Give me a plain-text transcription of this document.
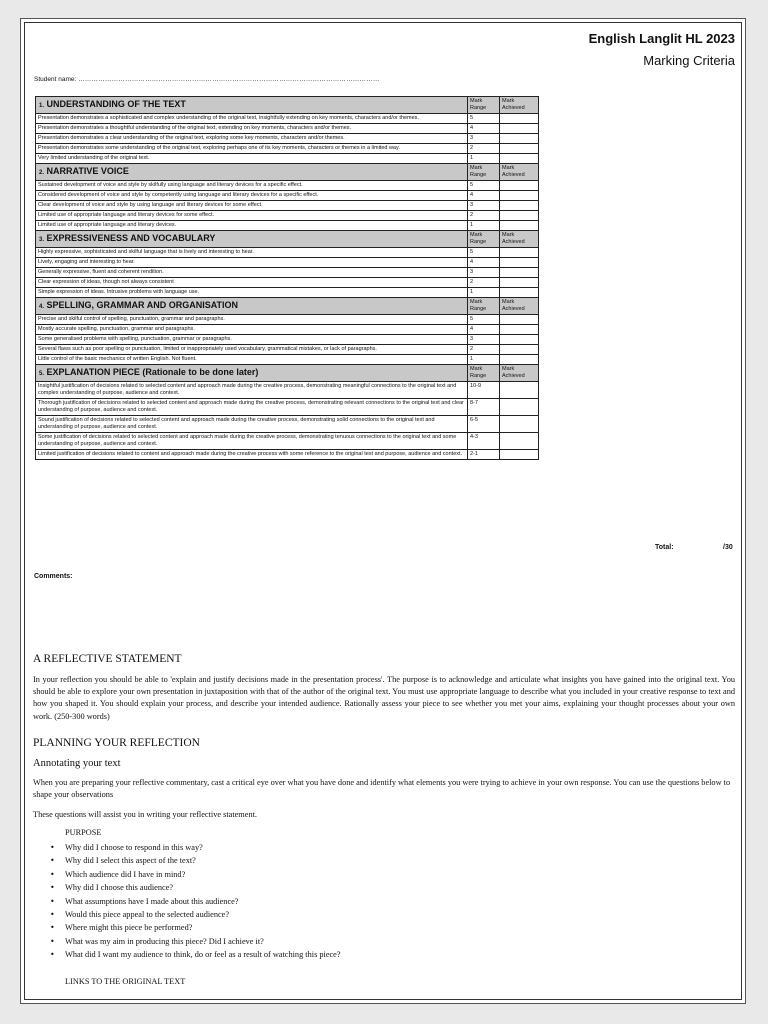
English Langlit HL 2023
Marking Criteria
Student name: ………………………………………………………………………………………………………………………
1. UNDERSTANDING OF THE TEXT	Mark Range	Mark Achieved
Presentation demonstrates a sophisticated and complex understanding of the original text, insightfully extending on key moments, characters and/or themes.	5	
Presentation demonstrates a thoughtful understanding of the original text, extending on key moments, characters and/or themes.	4	
Presentation demonstrates a clear understanding of the original text, exploring some key moments, characters and/or themes.	3	
Presentation demonstrates some understanding of the original text, exploring perhaps one of its key moments, characters or themes in a limited way.	2	
Very limited understanding of the original text.	1	
2. NARRATIVE VOICE	Mark Range	Mark Achieved
Sustained development of voice and style by skilfully using language and literary devices for a specific effect.	5	
Considered development of voice and style by competently using language and literary devices for a specific effect.	4	
Clear development of voice and style by using language and literary devices for some effect.	3	
Limited use of appropriate language and literary devices for some effect.	2	
Limited use of appropriate language and literary devices.	1	
3. EXPRESSIVENESS AND VOCABULARY	Mark Range	Mark Achieved
Highly expressive, sophisticated and skilful language that is lively and interesting to hear.	5	
Lively, engaging and interesting to hear.	4	
Generally expressive, fluent and coherent rendition.	3	
Clear expression of ideas, though not always consistent	2	
Simple expression of ideas. Intrusive problems with language use.	1	
4. SPELLING, GRAMMAR AND ORGANISATION	Mark Range	Mark Achieved
Precise and skilful control of spelling, punctuation, grammar and paragraphs.	5	
Mostly accurate spelling, punctuation, grammar and paragraphs.	4	
Some generalised problems with spelling, punctuation, grammar or paragraphs.	3	
Several flaws such as poor spelling or punctuation, limited or inappropriately used vocabulary, grammatical mistakes, or lack of paragraphs.	2	
Little control of the basic mechanics of written English. Not fluent.	1	
5. EXPLANATION PIECE (Rationale to be done later)	Mark Range	Mark Achieved
Insightful justification of decisions related to selected content and approach made during the creative process, demonstrating meaningful connections to the original text and complex understanding of purpose, audience and context.	10-9	
Thorough justification of decisions related to selected content and approach made during the creative process, demonstrating relevant connections to the original text and clear understanding of purpose, audience and context.	8-7	
Sound justification of decisions related to selected content and approach made during the creative process, demonstrating solid connections to the original text and understanding of purpose, audience and context.	6-5	
Some justification of decisions related to selected content and approach made during the creative process, demonstrating tenuous connections to the original text and some understanding of purpose, audience and context.	4-3	
Limited justification of decisions related to content and approach made during the creative process with some reference to the original text and purpose, audience and context.	2-1	
Total:	/30
Comments:
A REFLECTIVE STATEMENT
In your reflection you should be able to 'explain and justify decisions made in the presentation process'. The purpose is to acknowledge and articulate what insights you have gained into the original text. You should be able to explore your own presentation in juxtaposition with that of the author of the original text. You must use appropriate language to describe what you included in your creative response to text and how you shaped it. You should explain your process, and describe your intended audience. Rationally assess your piece to see whether you met your aims, explaining your thought processes about your own work. (250-300 words)
PLANNING YOUR REFLECTION
Annotating your text
When you are preparing your reflective commentary, cast a critical eye over what you have done and identify what elements you were trying to achieve in your own response. You can use the questions below to shape your observations
These questions will assist you in writing your reflective statement.
PURPOSE
• Why did I choose to respond in this way?
• Why did I select this aspect of the text?
• Which audience did I have in mind?
• Why did I choose this audience?
• What assumptions have I made about this audience?
• Would this piece appeal to the selected audience?
• Where might this piece be performed?
• What was my aim in producing this piece? Did I achieve it?
• What did I want my audience to think, do or feel as a result of watching this piece?
LINKS TO THE ORIGINAL TEXT
